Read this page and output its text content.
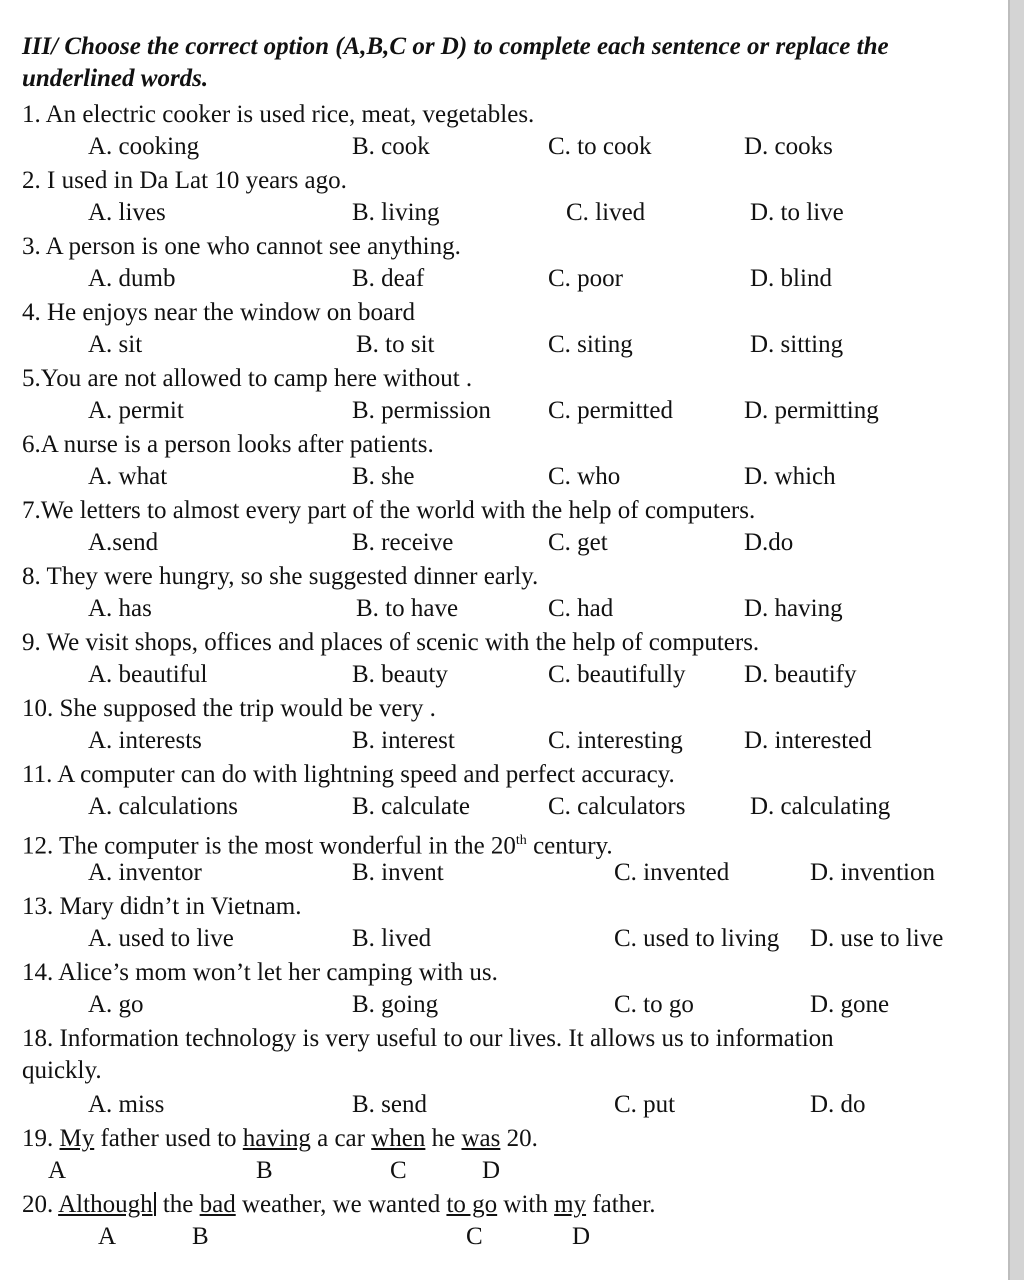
III/ Choose the correct option (A,B,C or D) to complete each sentence or replace the
underlined words.
1. An electric cooker is used rice, meat, vegetables.
A. cooking	B. cook	C. to cook	D. cooks
2. I used in Da Lat 10 years ago.
A. lives	B. living	C. lived	D. to live
3. A person is one who cannot see anything.
A. dumb	B. deaf	C. poor	D. blind
4. He enjoys near the window on board
A. sit	B. to sit	C. siting	D. sitting
5.You are not allowed to camp here without .
A. permit	B. permission C. permitted	D. permitting
6.A nurse is a person looks after patients.
A. what	B. she	C. who	D. which
7.We letters to almost every part of the world with the help of computers.
A.send	B. receive	C. get	D.do
8. They were hungry, so she suggested dinner early.
A. has	B. to have	C. had	D. having
9. We visit shops, offices and places of scenic with the help of computers.
A. beautiful	B. beauty	C. beautifully D. beautify
10. She supposed the trip would be very .
A. interests	B. interest	C. interesting D. interested
11. A computer can do with lightning speed and perfect accuracy.
A. calculations	B. calculate	C. calculators	D. calculating
12. The computer is the most wonderful in the 20th century.
A. inventor	B. invent	C. invented	D. invention
13. Mary didn’t in Vietnam.
A. used to live	B. lived	C. used to living D. use to live
14. Alice’s mom won’t let her camping with us.
A. go	B. going	C. to go	D. gone
18. Information technology is very useful to our lives. It allows us to information
quickly.
A. miss	B. send	C. put	D. do
19. My father used to having a car when he was 20.
A	B	C	D
20. Although the bad weather, we wanted to go with my father.
A	B	C	D
